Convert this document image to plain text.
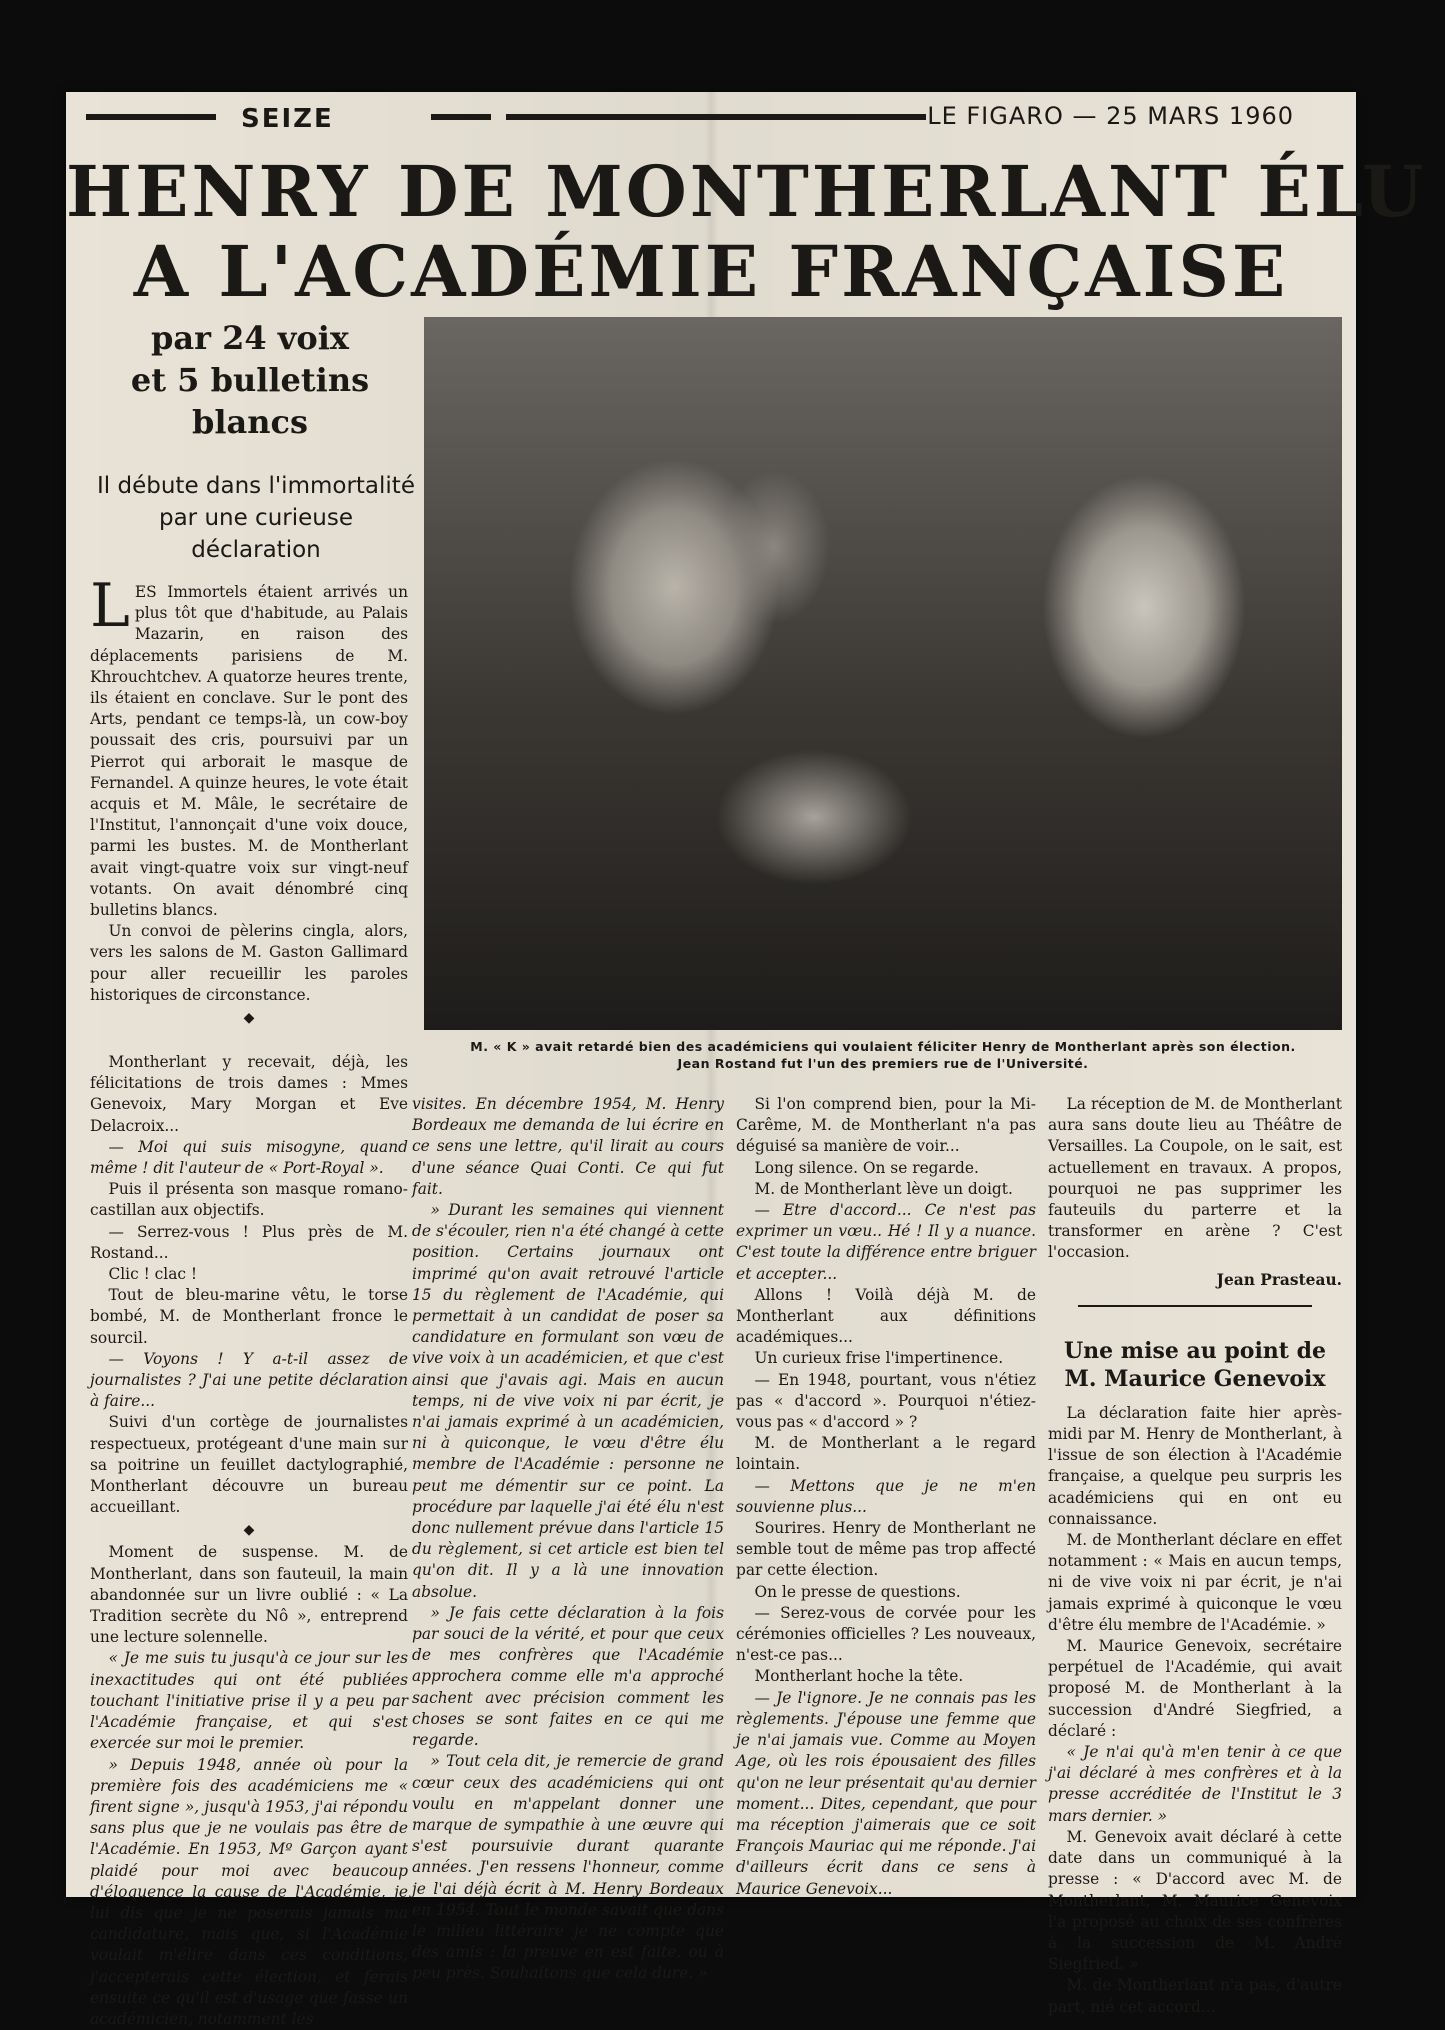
SEIZE	LE FIGARO — 25 MARS 1960
HENRY DE MONTHERLANT ÉLU
A L'ACADÉMIE FRANÇAISE
par 24 voix
et 5 bulletins
blancs
Il débute dans l'immortalité par une curieuse déclaration
M. « K » avait retardé bien des académiciens qui voulaient féliciter Henry de Montherlant après son élection.
Jean Rostand fut l'un des premiers rue de l'Université.

LES Immortels étaient arrivés un plus tôt que d'habitude, au Palais Mazarin, en raison des déplacements parisiens de M. Khrouchtchev. A quatorze heures trente, ils étaient en conclave. Sur le pont des Arts, pendant ce temps-là, un cow-boy poussait des cris, poursuivi par un Pierrot qui arborait le masque de Fernandel. A quinze heures, le vote était acquis et M. Mâle, le secrétaire de l'Institut, l'annonçait d'une voix douce, parmi les bustes. M. de Montherlant avait vingt-quatre voix sur vingt-neuf votants. On avait dénombré cinq bulletins blancs.

Un convoi de pèlerins cingla, alors, vers les salons de M. Gaston Gallimard pour aller recueillir les paroles historiques de circonstance.

◆

Montherlant y recevait, déjà, les félicitations de trois dames : Mmes Genevoix, Mary Morgan et Eve Delacroix...

— Moi qui suis misogyne, quand même ! dit l'auteur de « Port-Royal ».

Puis il présenta son masque romano-castillan aux objectifs.

— Serrez-vous ! Plus près de M. Rostand...

Clic ! clac !

Tout de bleu-marine vêtu, le torse bombé, M. de Montherlant fronce le sourcil.

— Voyons ! Y a-t-il assez de journalistes ? J'ai une petite déclaration à faire...

Suivi d'un cortège de journalistes respectueux, protégeant d'une main sur sa poitrine un feuillet dactylographié, Montherlant découvre un bureau accueillant.

◆

Moment de suspense. M. de Montherlant, dans son fauteuil, la main abandonnée sur un livre oublié : « La Tradition secrète du Nô », entreprend une lecture solennelle.

« Je me suis tu jusqu'à ce jour sur les inexactitudes qui ont été publiées touchant l'initiative prise il y a peu par l'Académie française, et qui s'est exercée sur moi le premier.

» Depuis 1948, année où pour la première fois des académiciens me « firent signe », jusqu'à 1953, j'ai répondu sans plus que je ne voulais pas être de l'Académie. En 1953, Mº Garçon ayant plaidé pour moi avec beaucoup d'éloquence la cause de l'Académie, je lui dis que je ne poserais jamais ma candidature, mais que, si l'Académie voulait m'élire dans ces conditions, j'accepterais cette élection, et ferais ensuite ce qu'il est d'usage que fasse un académicien, notamment les

visites. En décembre 1954, M. Henry Bordeaux me demanda de lui écrire en ce sens une lettre, qu'il lirait au cours d'une séance Quai Conti. Ce qui fut fait.

» Durant les semaines qui viennent de s'écouler, rien n'a été changé à cette position. Certains journaux ont imprimé qu'on avait retrouvé l'article 15 du règlement de l'Académie, qui permettait à un candidat de poser sa candidature en formulant son vœu de vive voix à un académicien, et que c'est ainsi que j'avais agi. Mais en aucun temps, ni de vive voix ni par écrit, je n'ai jamais exprimé à un académicien, ni à quiconque, le vœu d'être élu membre de l'Académie : personne ne peut me démentir sur ce point. La procédure par laquelle j'ai été élu n'est donc nullement prévue dans l'article 15 du règlement, si cet article est bien tel qu'on dit. Il y a là une innovation absolue.

» Je fais cette déclaration à la fois par souci de la vérité, et pour que ceux de mes confrères que l'Académie approchera comme elle m'a approché sachent avec précision comment les choses se sont faites en ce qui me regarde.

» Tout cela dit, je remercie de grand cœur ceux des académiciens qui ont voulu en m'appelant donner une marque de sympathie à une œuvre qui s'est poursuivie durant quarante années. J'en ressens l'honneur, comme je l'ai déjà écrit à M. Henry Bordeaux en 1954. Tout le monde savait que dans le milieu littéraire je ne compte que des amis : la preuve en est faite, ou à peu près. Souhaitons que cela dure. »

Si l'on comprend bien, pour la Mi-Carême, M. de Montherlant n'a pas déguisé sa manière de voir...

Long silence. On se regarde.

M. de Montherlant lève un doigt.

— Etre d'accord... Ce n'est pas exprimer un vœu.. Hé ! Il y a nuance. C'est toute la différence entre briguer et accepter...

Allons ! Voilà déjà M. de Montherlant aux définitions académiques...

Un curieux frise l'impertinence.

— En 1948, pourtant, vous n'étiez pas « d'accord ». Pourquoi n'étiez-vous pas « d'accord » ?

M. de Montherlant a le regard lointain.

— Mettons que je ne m'en souvienne plus...

Sourires. Henry de Montherlant ne semble tout de même pas trop affecté par cette élection.

On le presse de questions.

— Serez-vous de corvée pour les cérémonies officielles ? Les nouveaux, n'est-ce pas...

Montherlant hoche la tête.

— Je l'ignore. Je ne connais pas les règlements. J'épouse une femme que je n'ai jamais vue. Comme au Moyen Age, où les rois épousaient des filles qu'on ne leur présentait qu'au dernier moment... Dites, cependant, que pour ma réception j'aimerais que ce soit François Mauriac qui me réponde. J'ai d'ailleurs écrit dans ce sens à Maurice Genevoix...

La réception de M. de Montherlant aura sans doute lieu au Théâtre de Versailles. La Coupole, on le sait, est actuellement en travaux. A propos, pourquoi ne pas supprimer les fauteuils du parterre et la transformer en arène ? C'est l'occasion.

Jean Prasteau.
Une mise au point de M. Maurice Genevoix

La déclaration faite hier après-midi par M. Henry de Montherlant, à l'issue de son élection à l'Académie française, a quelque peu surpris les académiciens qui en ont eu connaissance.

M. de Montherlant déclare en effet notamment : « Mais en aucun temps, ni de vive voix ni par écrit, je n'ai jamais exprimé à quiconque le vœu d'être élu membre de l'Académie. »

M. Maurice Genevoix, secrétaire perpétuel de l'Académie, qui avait proposé M. de Montherlant à la succession d'André Siegfried, a déclaré :

« Je n'ai qu'à m'en tenir à ce que j'ai déclaré à mes confrères et à la presse accréditée de l'Institut le 3 mars dernier. »

M. Genevoix avait déclaré à cette date dans un communiqué à la presse : « D'accord avec M. de Montherlant, M. Maurice Genevoix l'a proposé au choix de ses confrères à la succession de M. André Siegfried. »

M. de Montherlant n'a pas, d'autre part, nié cet accord...
